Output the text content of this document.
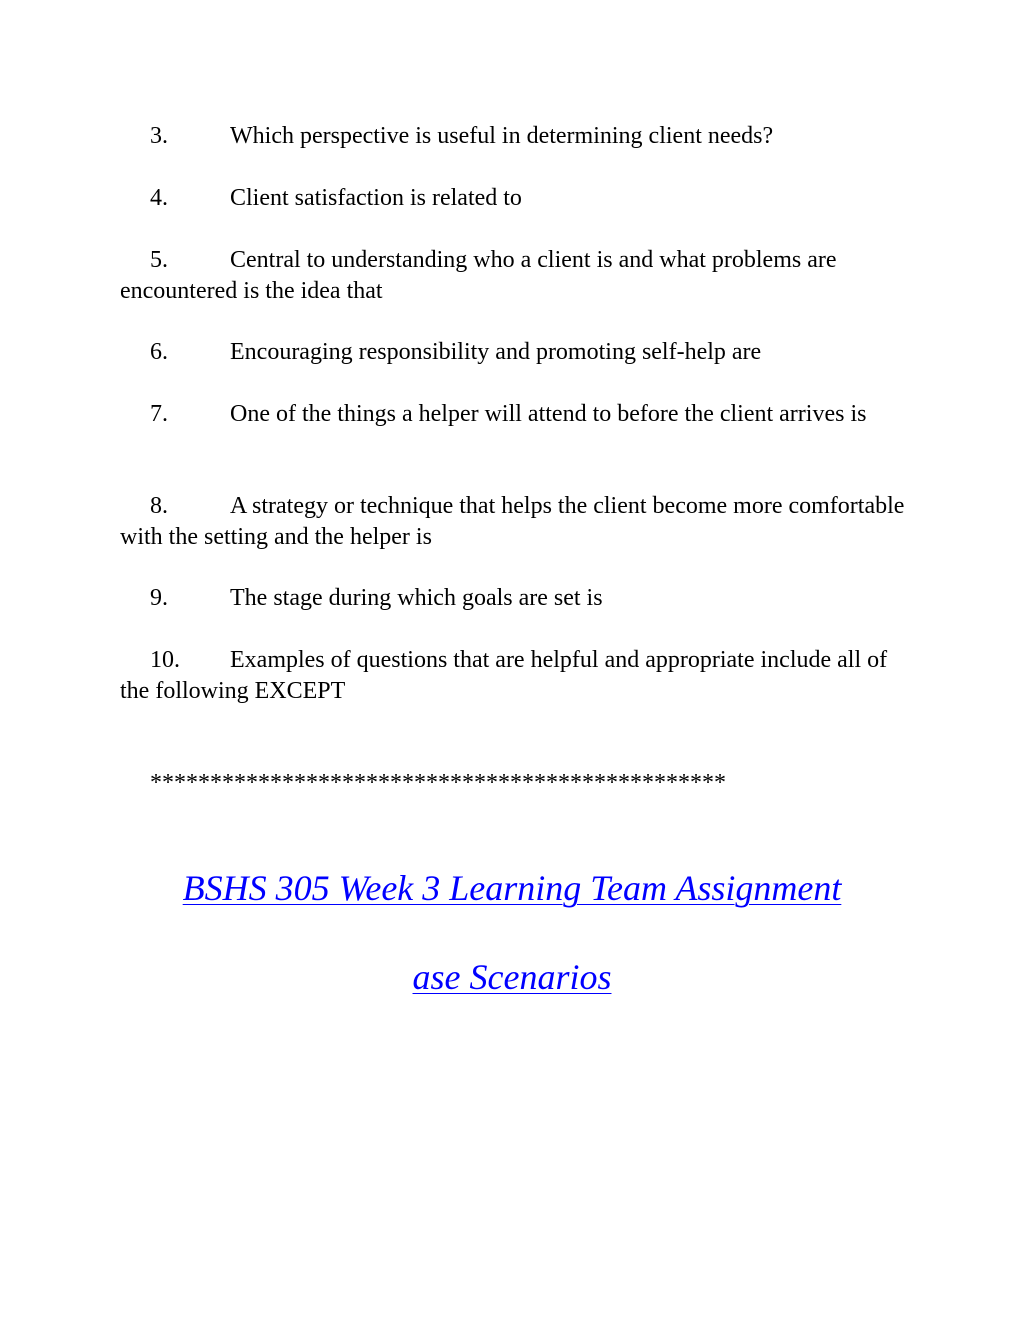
3.	Which perspective is useful in determining client needs?

4.	Client satisfaction is related to

5.	Central to understanding who a client is and what problems are encountered is the idea that

6.	Encouraging responsibility and promoting self-help are

7.	One of the things a helper will attend to before the client arrives is

8.	A strategy or technique that helps the client become more comfortable with the setting and the helper is

9.	The stage during which goals are set is

10. Examples of questions that are helpful and appropriate include all of the following EXCEPT

************************************************

BSHS 305 Week 3 Learning Team Assignment

ase Scenarios
